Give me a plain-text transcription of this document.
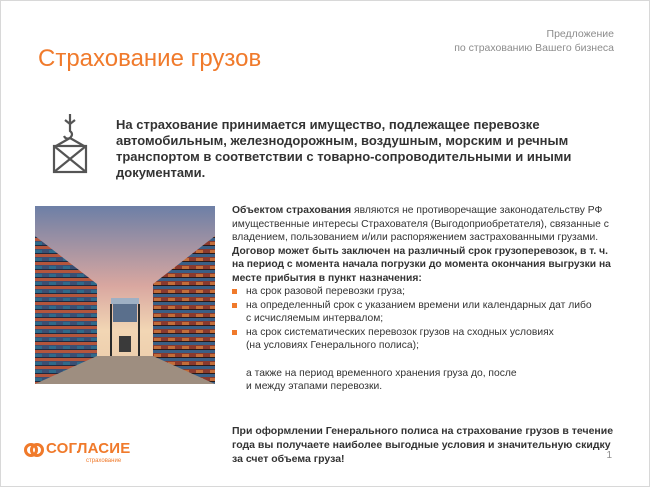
Предложение
по страхованию Вашего бизнеса
Страхование грузов

На страхование принимается имущество, подлежащее перевозке автомобильным, железнодорожным, воздушным, морским и речным транспортом в соответствии с товарно-сопроводительными и иными документами.

Объектом страхования являются не противоречащие законодательству РФ имущественные интересы Страхователя (Выгодоприобретателя), связанные с владением, пользованием и/или распоряжением застрахованными грузами.

Договор может быть заключен на различный срок грузоперевозок, в т. ч. на период с момента начала погрузки до момента окончания выгрузки на месте прибытия в пункт назначения:

на срок разовой перевозки груза;
на определенный срок с указанием времени или календарных дат либо
с исчисляемым интервалом;
на срок систематических перевозок грузов на сходных условиях
(на условиях Генерального полиса);

а также на период временного хранения груза до, после
и между этапами перевозки.

При оформлении Генерального полиса на страхование грузов в течение года вы получаете наиболее выгодные условия и значительную скидку за счет объема груза!

СОГЛАСИЕ
страхование	1
